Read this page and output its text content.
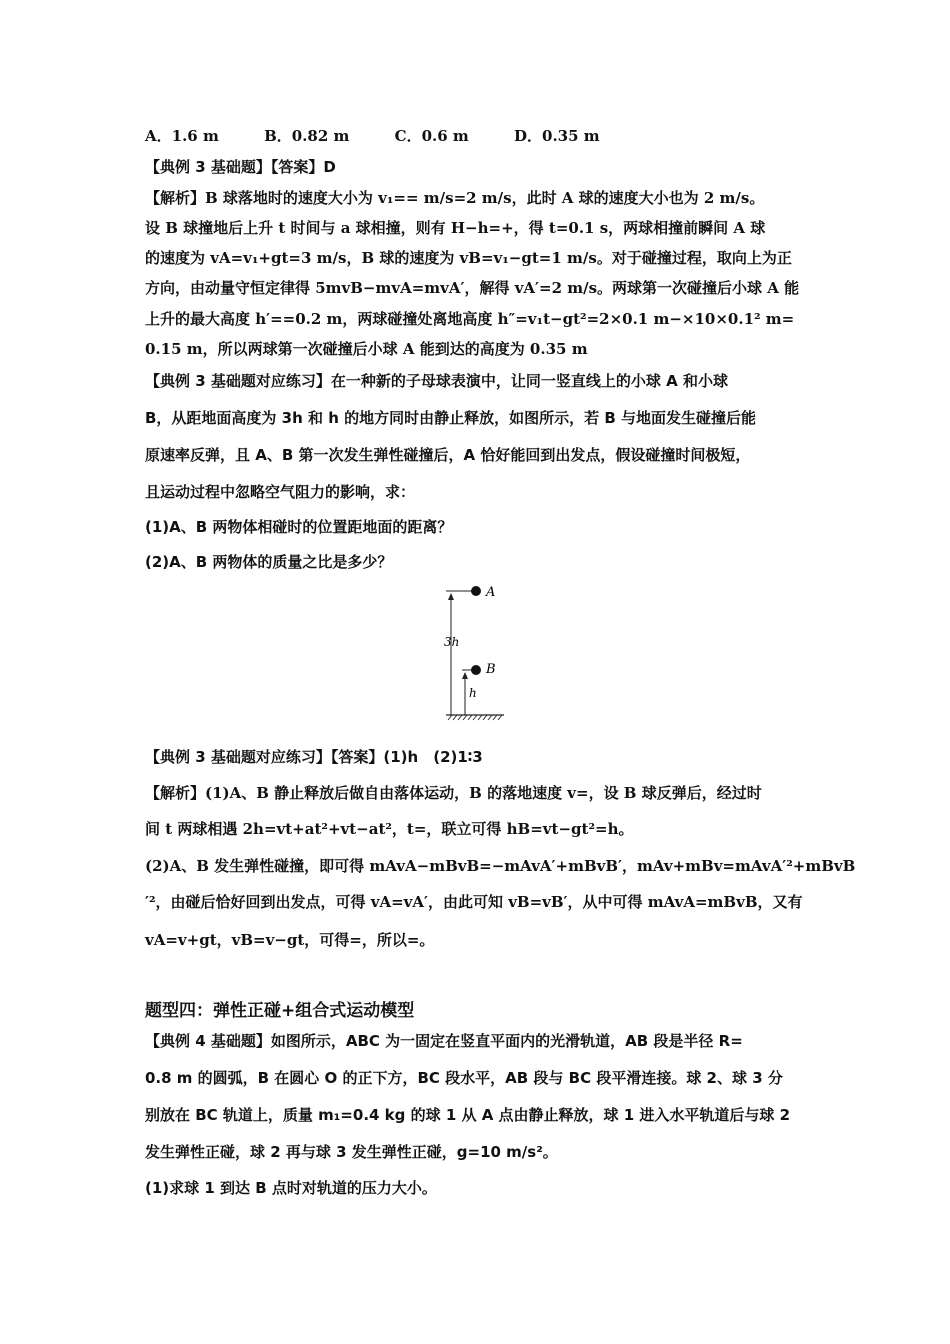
A．1.6 m	B．0.82 m	C．0.6 m	D．0.35 m
【典例 3 基础题】【答案】D
【解析】B 球落地时的速度大小为 v₁== m/s=2 m/s，此时 A 球的速度大小也为 2 m/s。
设 B 球撞地后上升 t 时间与 a 球相撞，则有 H−h=+，得 t=0.1 s，两球相撞前瞬间 A 球
的速度为 vA=v₁+gt=3 m/s，B 球的速度为 vB=v₁−gt=1 m/s。对于碰撞过程，取向上为正
方向，由动量守恒定律得 5mvB−mvA=mvA′，解得 vA′=2 m/s。两球第一次碰撞后小球 A 能
上升的最大高度 h′==0.2 m，两球碰撞处离地高度 h″=v₁t−gt²=2×0.1 m−×10×0.1² m=
0.15 m，所以两球第一次碰撞后小球 A 能到达的高度为 0.35 m
【典例 3 基础题对应练习】在一种新的子母球表演中，让同一竖直线上的小球 A 和小球
B，从距地面高度为 3h 和 h 的地方同时由静止释放，如图所示，若 B 与地面发生碰撞后能
原速率反弹，且 A、B 第一次发生弹性碰撞后，A 恰好能回到出发点，假设碰撞时间极短，
且运动过程中忽略空气阻力的影响，求：
(1)A、B 两物体相碰时的位置距地面的距离？
(2)A、B 两物体的质量之比是多少？
A
3h
B
h
【典例 3 基础题对应练习】【答案】(1)h　(2)1∶3
【解析】(1)A、B 静止释放后做自由落体运动，B 的落地速度 v=，设 B 球反弹后，经过时
间 t 两球相遇 2h=vt+at²+vt−at²，t=，联立可得 hB=vt−gt²=h。
(2)A、B 发生弹性碰撞，即可得 mAvA−mBvB=−mAvA′+mBvB′，mAv+mBv=mAvA′²+mBvB
′²，由碰后恰好回到出发点，可得 vA=vA′，由此可知 vB=vB′，从中可得 mAvA=mBvB，又有
vA=v+gt，vB=v−gt，可得=，所以=。
题型四：弹性正碰+组合式运动模型
【典例 4 基础题】如图所示，ABC 为一固定在竖直平面内的光滑轨道，AB 段是半径 R=
0.8 m 的圆弧，B 在圆心 O 的正下方，BC 段水平，AB 段与 BC 段平滑连接。球 2、球 3 分
别放在 BC 轨道上，质量 m₁=0.4 kg 的球 1 从 A 点由静止释放，球 1 进入水平轨道后与球 2
发生弹性正碰，球 2 再与球 3 发生弹性正碰，g=10 m/s²。
(1)求球 1 到达 B 点时对轨道的压力大小。
